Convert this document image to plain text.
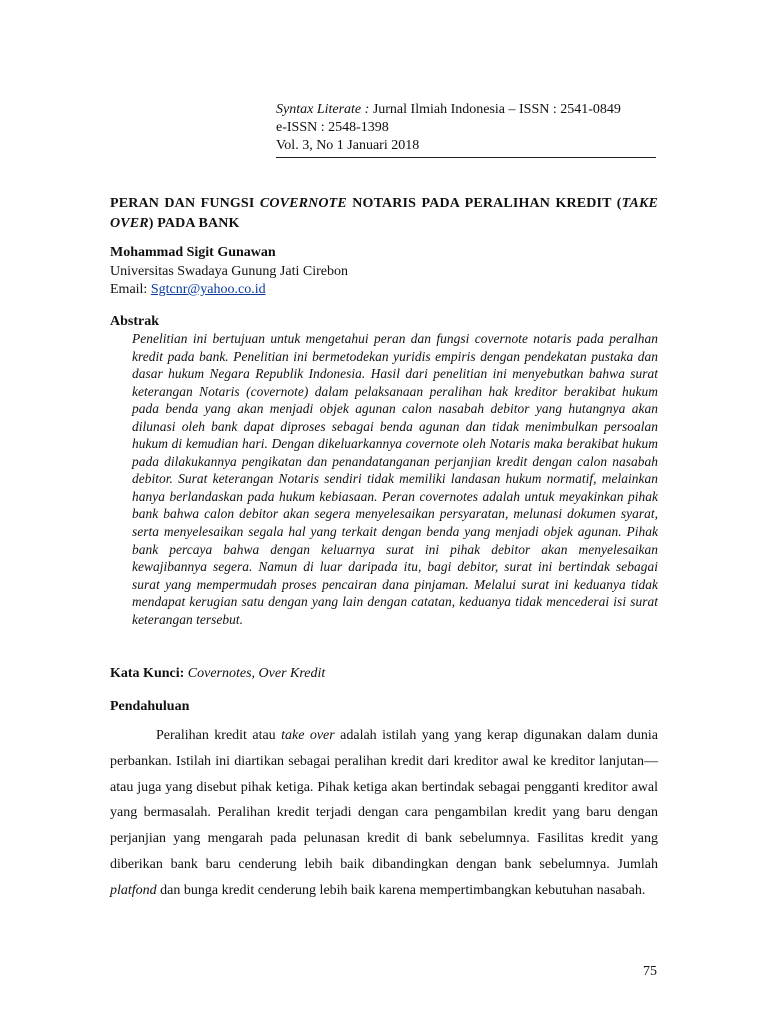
Syntax Literate : Jurnal Ilmiah Indonesia – ISSN : 2541-0849
e-ISSN : 2548-1398
Vol. 3, No 1 Januari 2018

PERAN DAN FUNGSI COVERNOTE NOTARIS PADA PERALIHAN KREDIT (TAKE OVER) PADA BANK

Mohammad Sigit Gunawan
Universitas Swadaya Gunung Jati Cirebon
Email: Sgtcnr@yahoo.co.id
Abstrak

Penelitian ini bertujuan untuk mengetahui peran dan fungsi covernote notaris pada peralhan kredit pada bank. Penelitian ini bermetodekan yuridis empiris dengan pendekatan pustaka dan dasar hukum Negara Republik Indonesia. Hasil dari penelitian ini menyebutkan bahwa surat keterangan Notaris (covernote) dalam pelaksanaan peralihan hak kreditor berakibat hukum pada benda yang akan menjadi objek agunan calon nasabah debitor yang hutangnya akan dilunasi oleh bank dapat diproses sebagai benda agunan dan tidak menimbulkan persoalan hukum di kemudian hari. Dengan dikeluarkannya covernote oleh Notaris maka berakibat hukum pada dilakukannya pengikatan dan penandatanganan perjanjian kredit dengan calon nasabah debitor. Surat keterangan Notaris sendiri tidak memiliki landasan hukum normatif, melainkan hanya berlandaskan pada hukum kebiasaan. Peran covernotes adalah untuk meyakinkan pihak bank bahwa calon debitor akan segera menyelesaikan persyaratan, melunasi dokumen syarat, serta menyelesaikan segala hal yang terkait dengan benda yang menjadi objek agunan. Pihak bank percaya bahwa dengan keluarnya surat ini pihak debitor akan menyelesaikan kewajibannya segera. Namun di luar daripada itu, bagi debitor, surat ini bertindak sebagai surat yang mempermudah proses pencairan dana pinjaman. Melalui surat ini keduanya tidak mendapat kerugian satu dengan yang lain dengan catatan, keduanya tidak mencederai isi surat keterangan tersebut.

Kata Kunci: Covernotes, Over Kredit
Pendahuluan

Peralihan kredit atau take over adalah istilah yang yang kerap digunakan dalam dunia perbankan. Istilah ini diartikan sebagai peralihan kredit dari kreditor awal ke kreditor lanjutan—atau juga yang disebut pihak ketiga. Pihak ketiga akan bertindak sebagai pengganti kreditor awal yang bermasalah. Peralihan kredit terjadi dengan cara pengambilan kredit yang baru dengan perjanjian yang mengarah pada pelunasan kredit di bank sebelumnya. Fasilitas kredit yang diberikan bank baru cenderung lebih baik dibandingkan dengan bank sebelumnya. Jumlah platfond dan bunga kredit cenderung lebih baik karena mempertimbangkan kebutuhan nasabah.

75
